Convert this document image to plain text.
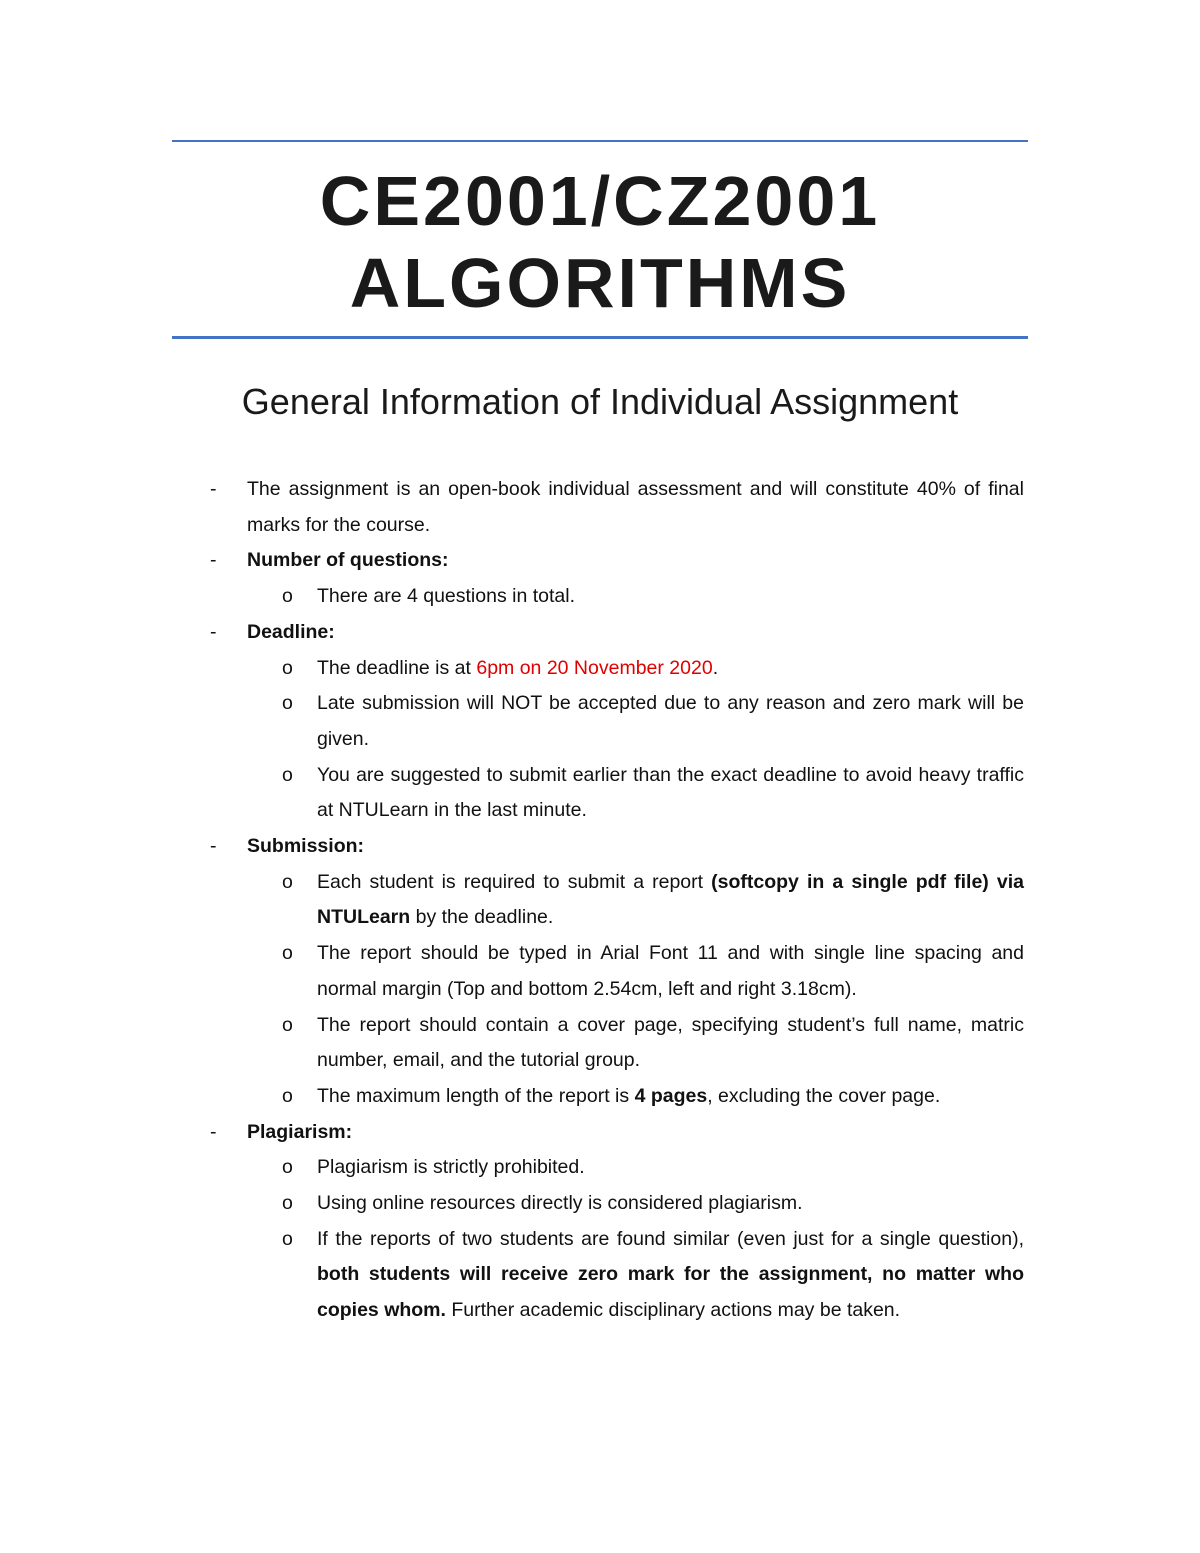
CE2001/CZ2001
ALGORITHMS
General Information of Individual Assignment
- The assignment is an open-book individual assessment and will constitute 40% of final marks for the course.
- Number of questions:
o There are 4 questions in total.
- Deadline:
o The deadline is at 6pm on 20 November 2020.
o Late submission will NOT be accepted due to any reason and zero mark will be given.
o You are suggested to submit earlier than the exact deadline to avoid heavy traffic at NTULearn in the last minute.
- Submission:
o Each student is required to submit a report (softcopy in a single pdf file) via NTULearn by the deadline.
o The report should be typed in Arial Font 11 and with single line spacing and normal margin (Top and bottom 2.54cm, left and right 3.18cm).
o The report should contain a cover page, specifying student’s full name, matric number, email, and the tutorial group.
o The maximum length of the report is 4 pages, excluding the cover page.
- Plagiarism:
o Plagiarism is strictly prohibited.
o Using online resources directly is considered plagiarism.
o If the reports of two students are found similar (even just for a single question), both students will receive zero mark for the assignment, no matter who copies whom. Further academic disciplinary actions may be taken.
